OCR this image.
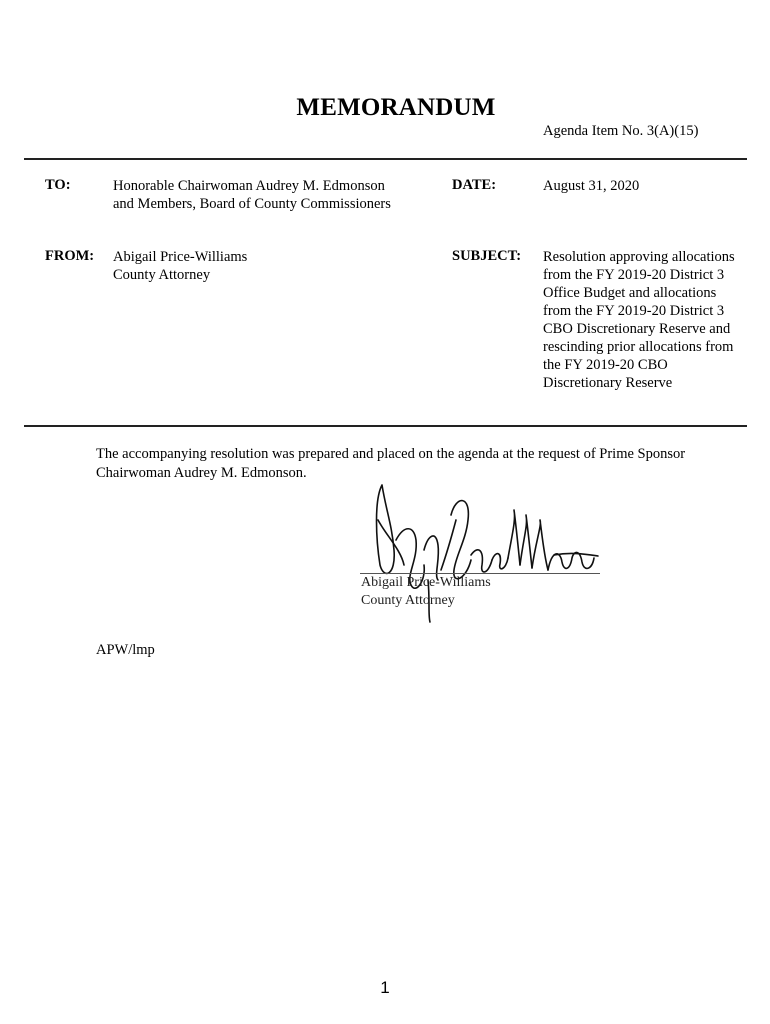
MEMORANDUM
Agenda Item No. 3(A)(15)
TO:	Honorable Chairwoman Audrey M. Edmonson
and Members, Board of County Commissioners
DATE:	August 31, 2020
FROM: Abigail Price-Williams
County Attorney
SUBJECT: Resolution approving allocations
from the FY 2019-20 District 3
Office Budget and allocations
from the FY 2019-20 District 3
CBO Discretionary Reserve and
rescinding prior allocations from
the FY 2019-20 CBO
Discretionary Reserve
The accompanying resolution was prepared and placed on the agenda at the request of Prime Sponsor
Chairwoman Audrey M. Edmonson.
Abigail Price-Williams
County Attorney
APW/lmp
1
